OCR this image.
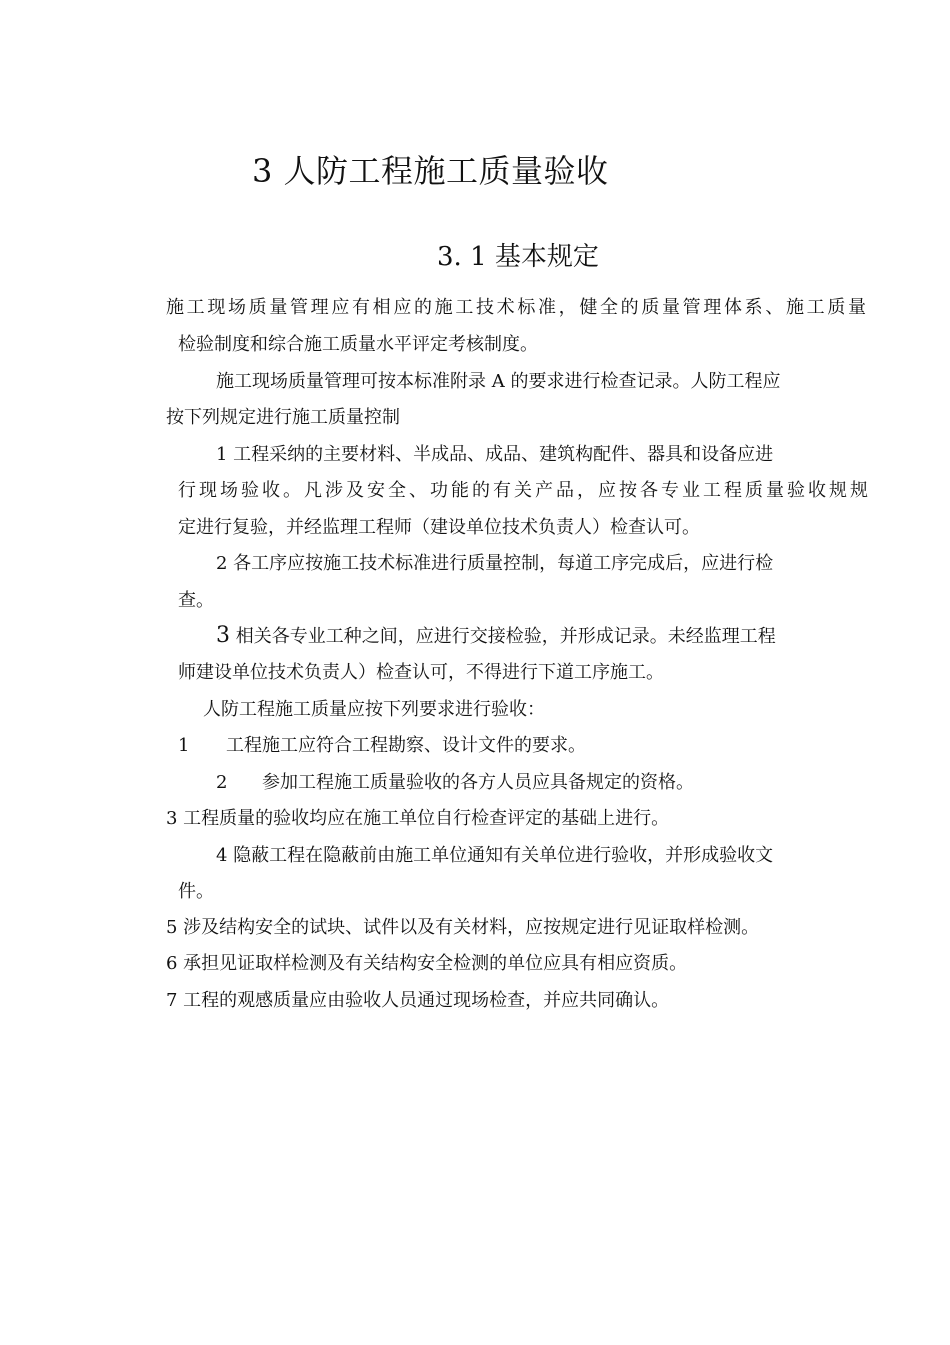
3 人防工程施工质量验收
3. 1 基本规定
施工现场质量管理应有相应的施工技术标准，健全的质量管理体系、施工质量
检验制度和综合施工质量水平评定考核制度。
施工现场质量管理可按本标准附录 A 的要求进行检查记录。人防工程应
按下列规定进行施工质量控制
1 工程采纳的主要材料、半成品、成品、建筑构配件、器具和设备应进
行现场验收。凡涉及安全、功能的有关产品，应按各专业工程质量验收规规
定进行复验，并经监理工程师（建设单位技术负责人）检查认可。
2 各工序应按施工技术标准进行质量控制，每道工序完成后，应进行检
查。
3 相关各专业工种之间，应进行交接检验，并形成记录。未经监理工程
师建设单位技术负责人）检查认可，不得进行下道工序施工。
人防工程施工质量应按下列要求进行验收：
1 工程施工应符合工程勘察、设计文件的要求。
2 参加工程施工质量验收的各方人员应具备规定的资格。
3 工程质量的验收均应在施工单位自行检查评定的基础上进行。
4 隐蔽工程在隐蔽前由施工单位通知有关单位进行验收，并形成验收文
件。
5 涉及结构安全的试块、试件以及有关材料，应按规定进行见证取样检测。
6 承担见证取样检测及有关结构安全检测的单位应具有相应资质。
7 工程的观感质量应由验收人员通过现场检查，并应共同确认。
